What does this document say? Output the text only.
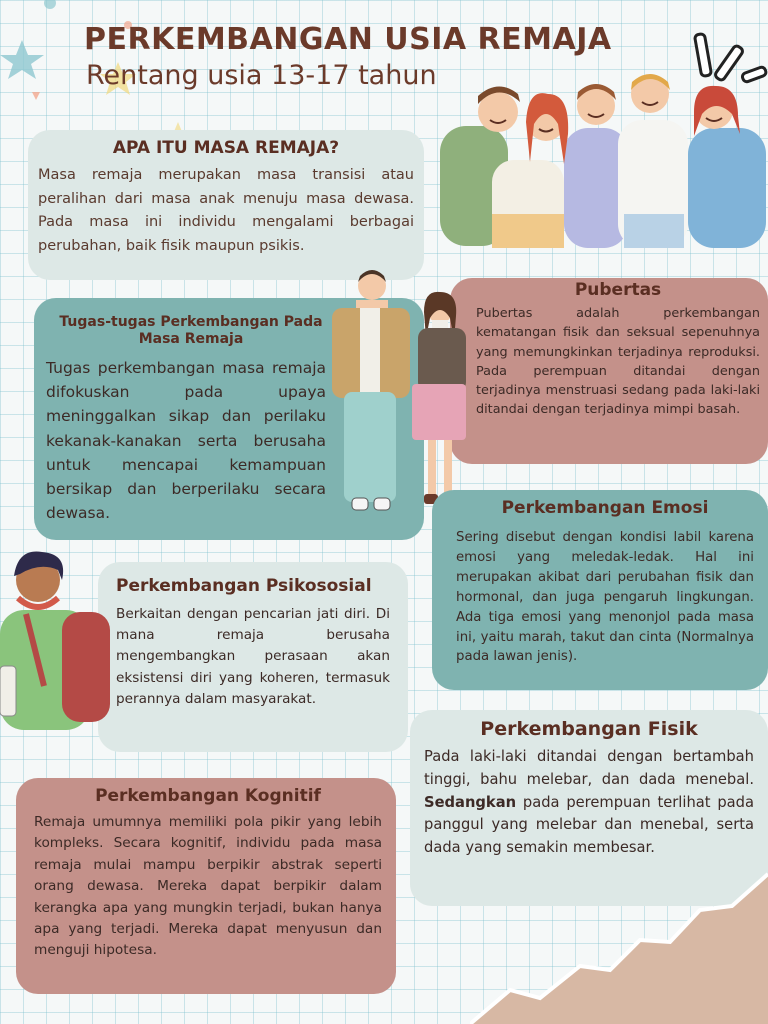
PERKEMBANGAN USIA REMAJA
Rentang usia 13-17 tahun
APA ITU MASA REMAJA?

Masa remaja merupakan masa transisi atau peralihan dari masa anak menuju masa dewasa. Pada masa ini individu mengalami berbagai perubahan, baik fisik maupun psikis.

Tugas-tugas Perkembangan Pada Masa Remaja

Tugas perkembangan masa remaja difokuskan pada upaya meninggalkan sikap dan perilaku kekanak-kanakan serta berusaha untuk mencapai kemampuan bersikap dan berperilaku secara dewasa.

Pubertas

Pubertas adalah perkembangan kematangan fisik dan seksual sepenuhnya yang memungkinkan terjadinya reproduksi. Pada perempuan ditandai dengan terjadinya menstruasi sedang pada laki-laki ditandai dengan terjadinya mimpi basah.

Perkembangan Emosi

Sering disebut dengan kondisi labil karena emosi yang meledak-ledak. Hal ini merupakan akibat dari perubahan fisik dan hormonal, dan juga pengaruh lingkungan. Ada tiga emosi yang menonjol pada masa ini, yaitu marah, takut dan cinta (Normalnya pada lawan jenis).

Perkembangan Psikososial

Berkaitan dengan pencarian jati diri. Di mana remaja berusaha mengembangkan perasaan akan eksistensi diri yang koheren, termasuk perannya dalam masyarakat.

Perkembangan Fisik

Pada laki-laki ditandai dengan bertambah tinggi, bahu melebar, dan dada menebal. Sedangkan pada perempuan terlihat pada panggul yang melebar dan menebal, serta dada yang semakin membesar.

Perkembangan Kognitif

Remaja umumnya memiliki pola pikir yang lebih kompleks. Secara kognitif, individu pada masa remaja mulai mampu berpikir abstrak seperti orang dewasa. Mereka dapat berpikir dalam kerangka apa yang mungkin terjadi, bukan hanya apa yang terjadi. Mereka dapat menyusun dan menguji hipotesa.
